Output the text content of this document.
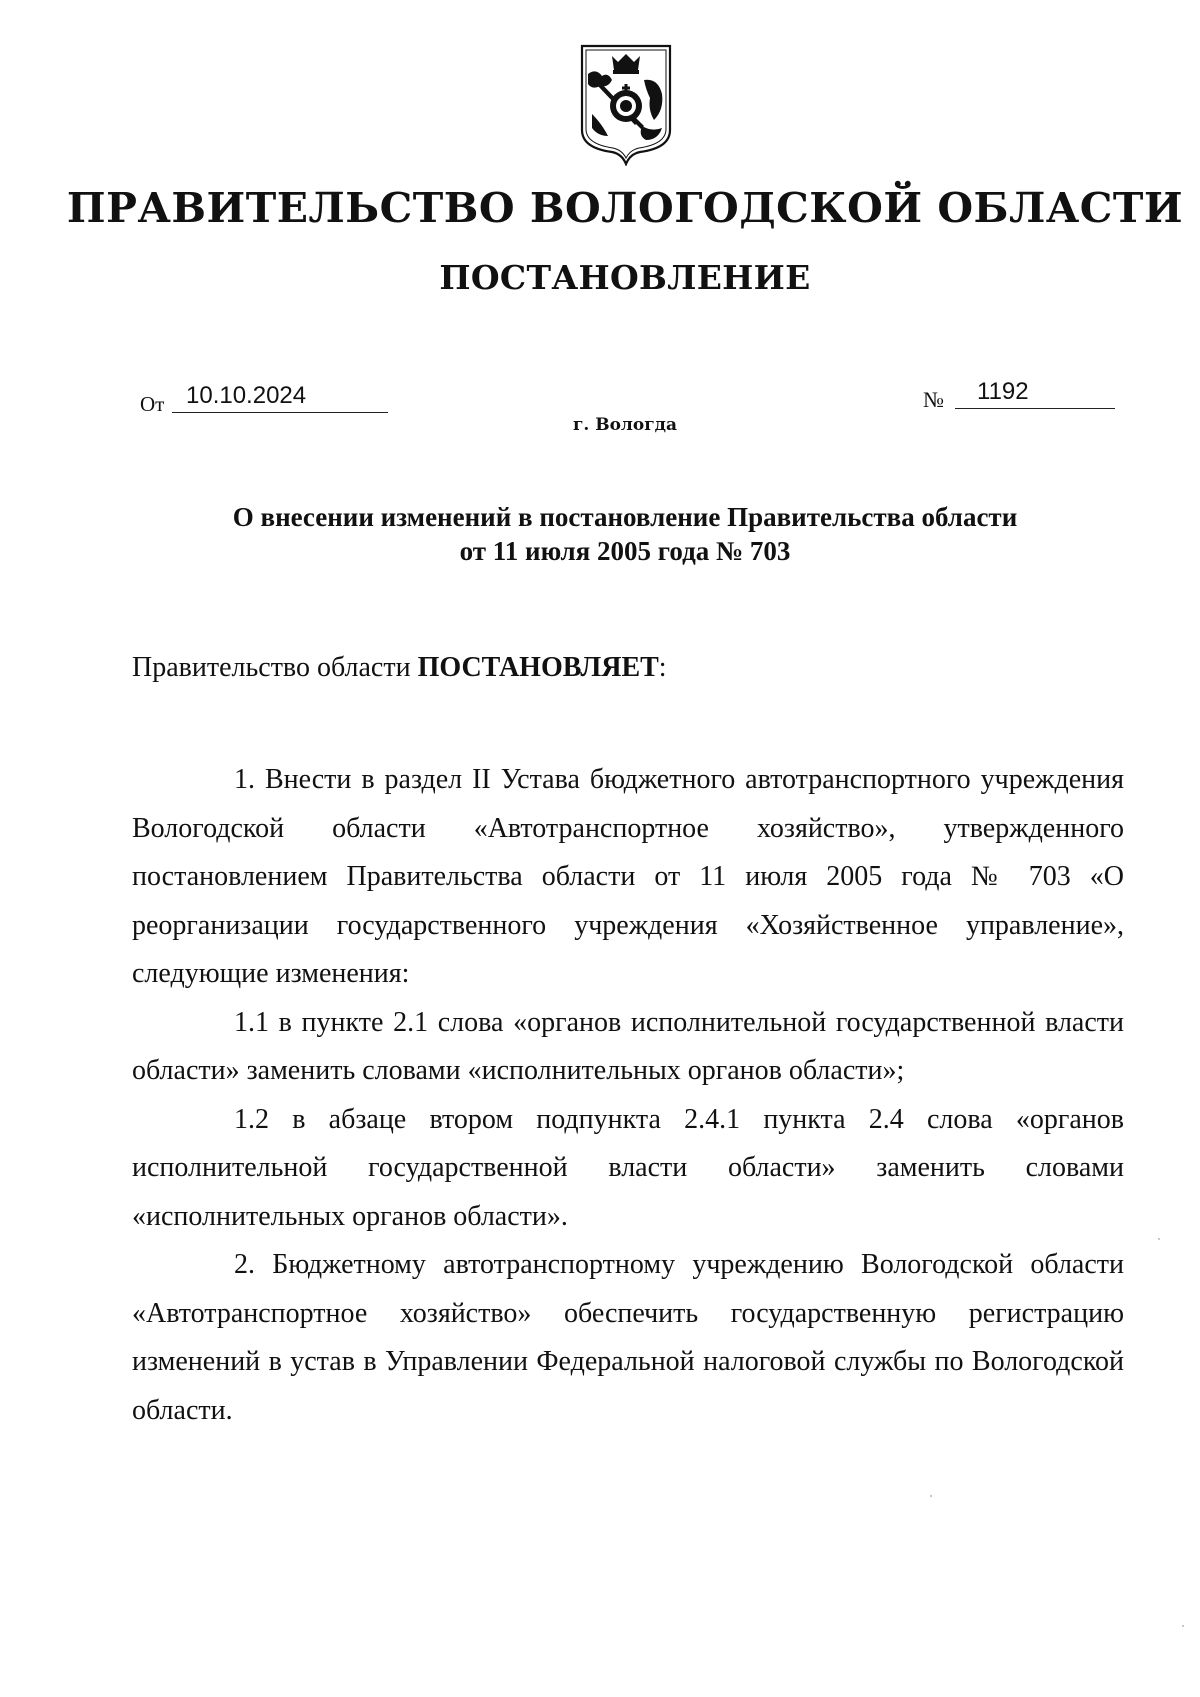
ПРАВИТЕЛЬСТВО ВОЛОГОДСКОЙ ОБЛАСТИ
ПОСТАНОВЛЕНИЕ
От 10.10.2024	№ 1192
г. Вологда
О внесении изменений в постановление Правительства области
от 11 июля 2005 года № 703
Правительство области ПОСТАНОВЛЯЕТ:

1. Внести в раздел II Устава бюджетного автотранспортного учреждения Вологодской области «Автотранспортное хозяйство», утвержденного постановлением Правительства области от 11 июля 2005 года № 703 «О реорганизации государственного учреждения «Хозяйственное управление», следующие изменения:

1.1 в пункте 2.1 слова «органов исполнительной государственной власти области» заменить словами «исполнительных органов области»;

1.2 в абзаце втором подпункта 2.4.1 пункта 2.4 слова «органов исполнительной государственной власти области» заменить словами «исполнительных органов области».

2. Бюджетному автотранспортному учреждению Вологодской области «Автотранспортное хозяйство» обеспечить государственную регистрацию изменений в устав в Управлении Федеральной налоговой службы по Вологодской области.
